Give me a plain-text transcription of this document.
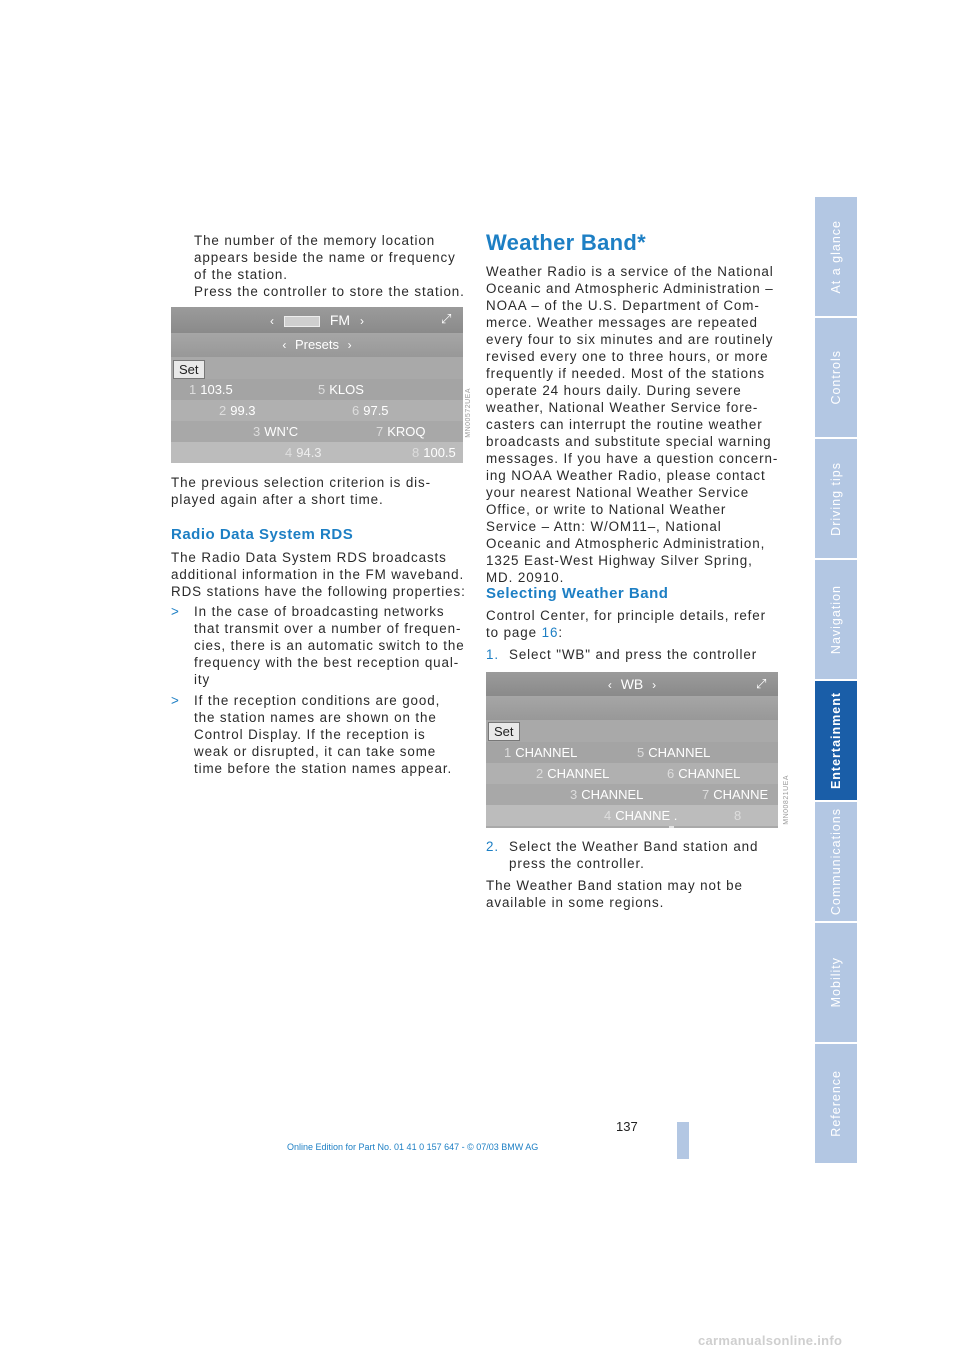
The number of the memory location appears beside the name or frequency of the station.

Press the controller to store the station.

‹	FM ›	⤢
‹ Presets ›
Set
1 103.5	5 KLOS
2 99.3	6 97.5
3 WN’C	7 KROQ
4 94.3	8 100.5
MN00572UEA

The previous selection criterion is displayed again after a short time.

Radio Data System RDS

The Radio Data System RDS broadcasts additional information in the FM waveband. RDS stations have the following properties:

> In the case of broadcasting networks that transmit over a number of frequencies, there is an automatic switch to the frequency with the best reception quality

> If the reception conditions are good, the station names are shown on the Control Display. If the reception is weak or disrupted, it can take some time before the station names appear.

Weather Band*

Weather Radio is a service of the National Oceanic and Atmospheric Administration – NOAA – of the U.S. Department of Commerce. Weather messages are repeated every four to six minutes and are routinely revised every one to three hours, or more frequently if needed. Most of the stations operate 24 hours daily. During severe weather, National Weather Service forecasters can interrupt the routine weather broadcasts and substitute special warning messages. If you have a question concerning NOAA Weather Radio, please contact your nearest National Weather Service Office, or write to National Weather Service – Attn: W/OM11–, National Oceanic and Atmospheric Administration, 1325 East-West Highway Silver Spring, MD. 20910.

Selecting Weather Band

Control Center, for principle details, refer to page 16:

1. Select "WB" and press the controller

‹ WB ›	⤢
Set
1 CHANNEL	5 CHANNEL
2 CHANNEL	6 CHANNEL
3 CHANNEL	7 CHANNE
4 CHANNE .	8	MN00821UEA
2. Select the Weather Band station and press the controller.

The Weather Band station may not be available in some regions.

At a glance
Controls
Driving tips
Navigation
Entertainment
Communications
Mobility
Reference
137
Online Edition for Part No. 01 41 0 157 647 - © 07/03 BMW AG
carmanualsonline.info
